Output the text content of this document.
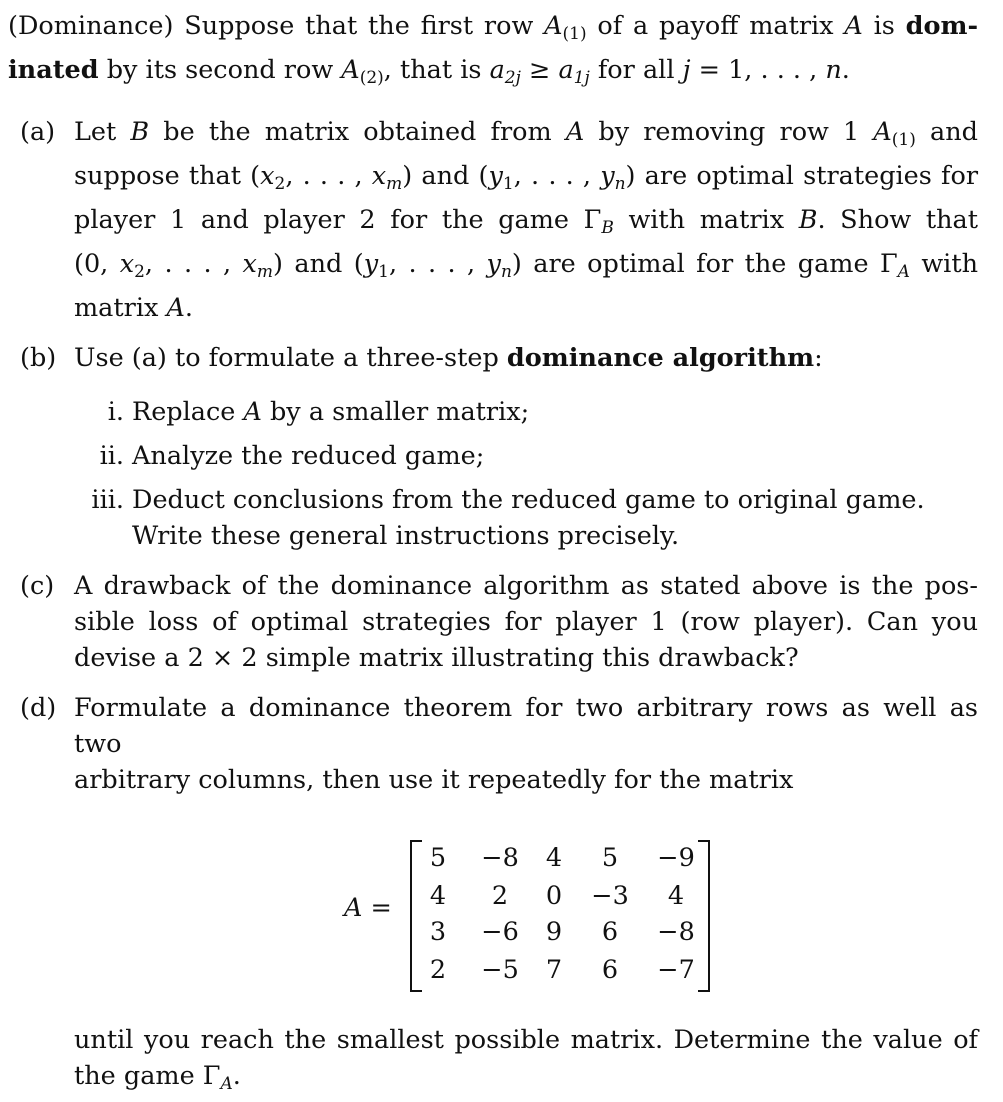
(Dominance) Suppose that the first row $A_{(1)}$ of a payoff matrix A is dom-

inated by its second row $A_{(2)}$, that is $a_{2j} \ge a_{1j}$ for all j = 1, . . . , n.

(a) Let B be the matrix obtained from A by removing row 1 $A_{(1)}$ and

suppose that ($x_2$, . . . , $x_m$) and ($y_1$, . . . , $y_n$) are optimal strategies for

player 1 and player 2 for the game $\Gamma_B$ with matrix B. Show that

(0, $x_2$, . . . , $x_m$) and ($y_1$, . . . , $y_n$) are optimal for the game $\Gamma_A$ with

matrix A.

(b) Use (a) to formulate a three-step dominance algorithm:

i. Replace A by a smaller matrix;

ii. Analyze the reduced game;

iii. Deduct conclusions from the reduced game to original game.

Write these general instructions precisely.

(c) A drawback of the dominance algorithm as stated above is the pos-

sible loss of optimal strategies for player 1 (row player). Can you

devise a 2 × 2 simple matrix illustrating this drawback?

(d) Formulate a dominance theorem for two arbitrary rows as well as two

arbitrary columns, then use it repeatedly for the matrix

A =
5	−8	4	5	−9
4	2	0	−3	4
3	−6	9	6	−8
2	−5	7	6	−7

until you reach the smallest possible matrix. Determine the value of

the game $\Gamma_A$.
